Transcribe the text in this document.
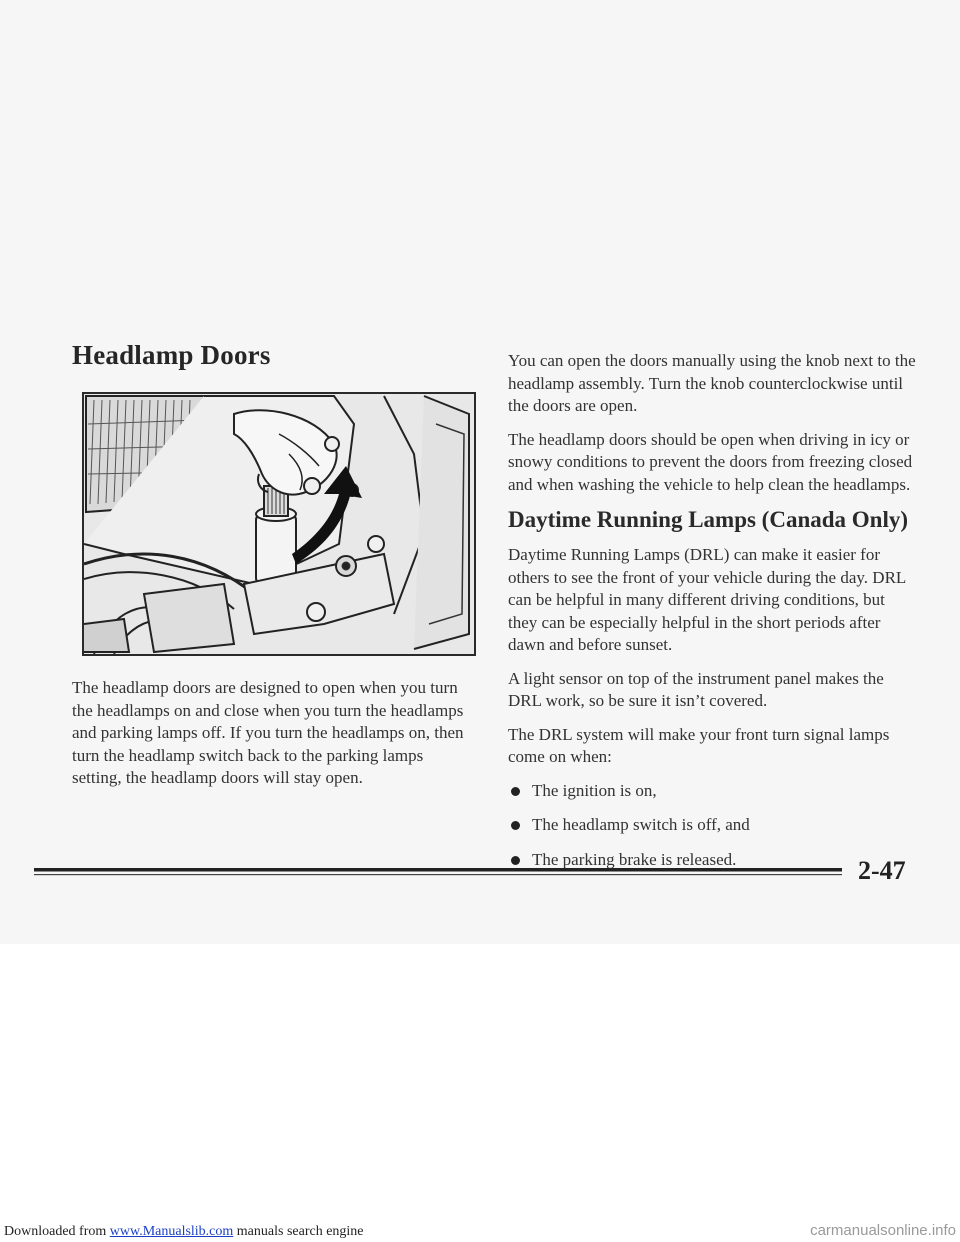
Headlamp Doors

The headlamp doors are designed to open when you turn the headlamps on and close when you turn the headlamps and parking lamps off. If you turn the headlamps on, then turn the headlamp switch back to the parking lamps setting, the headlamp doors will stay open.

You can open the doors manually using the knob next to the headlamp assembly. Turn the knob counterclockwise until the doors are open.

The headlamp doors should be open when driving in icy or snowy conditions to prevent the doors from freezing closed and when washing the vehicle to help clean the headlamps.

Daytime Running Lamps (Canada Only)

Daytime Running Lamps (DRL) can make it easier for others to see the front of your vehicle during the day. DRL can be helpful in many different driving conditions, but they can be especially helpful in the short periods after dawn and before sunset.

A light sensor on top of the instrument panel makes the DRL work, so be sure it isn’t covered.

The DRL system will make your front turn signal lamps come on when:

The ignition is on,
The headlamp switch is off, and
The parking brake is released.	2-47
Downloaded from www.Manualslib.com manuals search engine	carmanualsonline.info
